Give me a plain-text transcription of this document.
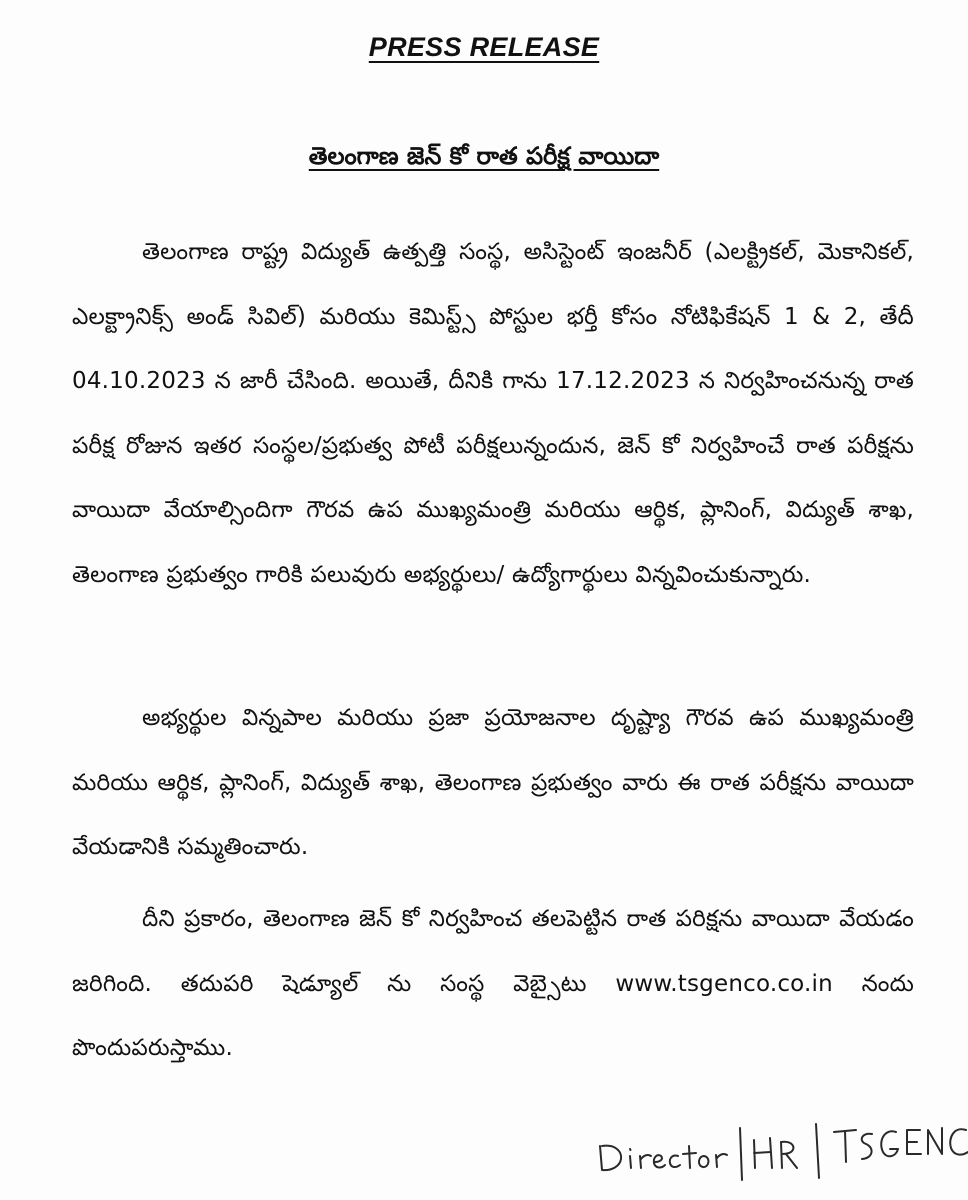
PRESS RELEASE
తెలంగాణ జెన్ కో రాత పరీక్ష వాయిదా

తెలంగాణ రాష్ట్ర విద్యుత్ ఉత్పత్తి సంస్థ, అసిస్టెంట్ ఇంజనీర్ (ఎలక్ట్రికల్, మెకానికల్, ఎలక్ట్రానిక్స్ అండ్ సివిల్) మరియు కెమిస్ట్స్ పోస్టుల భర్తీ కోసం నోటిఫికేషన్ 1 & 2, తేదీ 04.10.2023 న జారీ చేసింది. అయితే, దీనికి గాను 17.12.2023 న నిర్వహించనున్న రాత పరీక్ష రోజున ఇతర సంస్థల/ప్రభుత్వ పోటీ పరీక్షలున్నందున, జెన్ కో నిర్వహించే రాత పరీక్షను వాయిదా వేయాల్సిందిగా గౌరవ ఉప ముఖ్యమంత్రి మరియు ఆర్థిక, ప్లానింగ్, విద్యుత్ శాఖ, తెలంగాణ ప్రభుత్వం గారికి పలువురు అభ్యర్థులు/ ఉద్యోగార్థులు విన్నవించుకున్నారు.

అభ్యర్థుల విన్నపాల మరియు ప్రజా ప్రయోజనాల దృష్ట్యా గౌరవ ఉప ముఖ్యమంత్రి మరియు ఆర్థిక, ప్లానింగ్, విద్యుత్ శాఖ, తెలంగాణ ప్రభుత్వం వారు ఈ రాత పరీక్షను వాయిదా వేయడానికి సమ్మతించారు.

దీని ప్రకారం, తెలంగాణ జెన్ కో నిర్వహించ తలపెట్టిన రాత పరిక్షను వాయిదా వేయడం జరిగింది. తదుపరి షెడ్యూల్ ను సంస్థ వెబ్సైటు www.tsgenco.co.in నందు పొందుపరుస్తాము.
